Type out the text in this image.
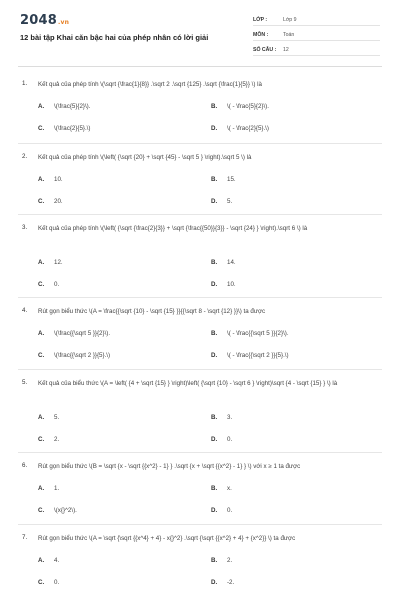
2048.vn
12 bài tập Khai căn bậc hai của phép nhân có lời giải
LỚP :	Lớp 9
MÔN :	Toán
SỐ CÂU : 12
1. Kết quả của phép tính \(\sqrt {\frac{1}{8}} .\sqrt 2 .\sqrt {125} .\sqrt {\frac{1}{5}} \) là
A. \(\frac{5}{2}\).	B. \( - \frac{5}{2}\).
C. \(\frac{2}{5}.\)	D. \( - \frac{2}{5}.\)
2. Kết quả của phép tính \(\left( {\sqrt {20} + \sqrt {45} - \sqrt 5 } \right).\sqrt 5 \) là
A. 10.	B. 15.
C. 20.	D. 5.
3. Kết quả của phép tính \(\left( {\sqrt {\frac{2}{3}} + \sqrt {\frac{{50}}{3}} - \sqrt {24} } \right).\sqrt 6 \) là
A. 12.	B. 14.
C. 0.	D. 10.
4. Rút gọn biểu thức \(A = \frac{{\sqrt {10} - \sqrt {15} }}{{\sqrt 8 - \sqrt {12} }}\) ta được
A. \(\frac{{\sqrt 5 }}{2}\).	B. \( - \frac{{\sqrt 5 }}{2}\).
C. \(\frac{{\sqrt 2 }}{5}.\)	D. \( - \frac{{\sqrt 2 }}{5}.\)
5. Kết quả của biểu thức \(A = \left( {4 + \sqrt {15} } \right)\left( {\sqrt {10} - \sqrt 6 } \right)\sqrt {4 - \sqrt {15} } \) là
A. 5.	B. 3.
C. 2.	D. 0.
6. Rút gọn biểu thức \(B = \sqrt {x - \sqrt {{x^2} - 1} } .\sqrt {x + \sqrt {{x^2} - 1} } \) với x ≥ 1 ta được
A. 1.	B. x.
C. \(x{}^2\).	D. 0.
7. Rút gọn biểu thức \(A = \sqrt {\sqrt {{x^4} + 4} - x{}^2} .\sqrt {\sqrt {{x^2} + 4} + {x^2}} \) ta được
A. 4.	B. 2.
C. 0.	D. -2.
